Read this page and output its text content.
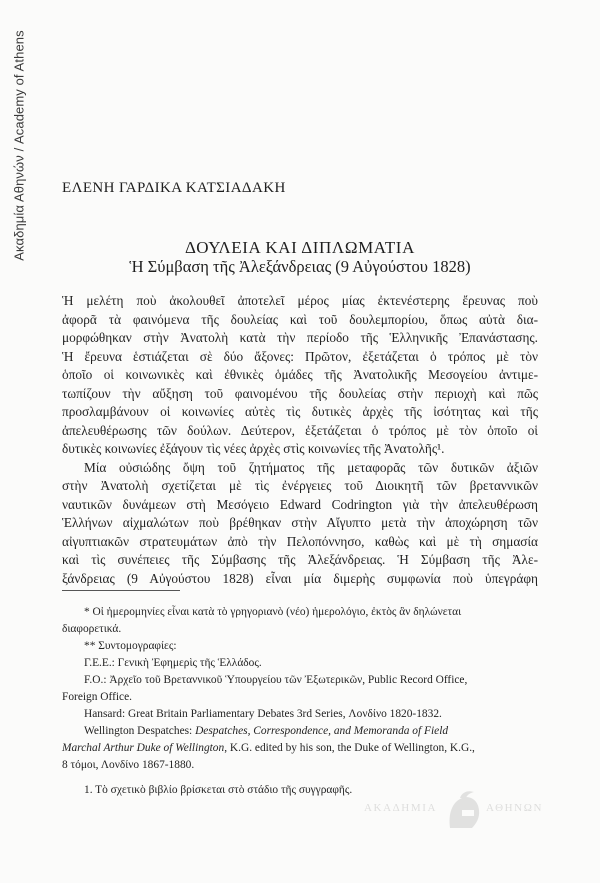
Ακαδημία Αθηνών / Academy of Athens ΕΛΕΝΗ ΓΑΡΔΙΚΑ ΚΑΤΣΙΑΔΑΚΗ
ΔΟΥΛΕΙΑ ΚΑΙ ΔΙΠΛΩΜΑΤΙΑ
Ἡ Σύμβαση τῆς Ἀλεξάνδρειας (9 Αὐγούστου 1828)
Ἡ μελέτη ποὺ ἀκολουθεῖ ἀποτελεῖ μέρος μίας ἐκτενέστερης ἔρευνας ποὺ
ἀφορᾶ τὰ φαινόμενα τῆς δουλείας καὶ τοῦ δουλεμπορίου, ὅπως αὐτὰ δια-
μορφώθηκαν στὴν Ἀνατολὴ κατὰ τὴν περίοδο τῆς Ἑλληνικῆς Ἐπανάστασης.
Ἡ ἔρευνα ἑστιάζεται σὲ δύο ἄξονες: Πρῶτον, ἐξετάζεται ὁ τρόπος μὲ τὸν
ὁποῖο οἱ κοινωνικὲς καὶ ἐθνικὲς ὁμάδες τῆς Ἀνατολικῆς Μεσογείου ἀντιμε-
τωπίζουν τὴν αὔξηση τοῦ φαινομένου τῆς δουλείας στὴν περιοχὴ καὶ πῶς
προσλαμβάνουν οἱ κοινωνίες αὐτὲς τὶς δυτικὲς ἀρχὲς τῆς ἰσότητας καὶ τῆς
ἀπελευθέρωσης τῶν δούλων. Δεύτερον, ἐξετάζεται ὁ τρόπος μὲ τὸν ὁποῖο οἱ
δυτικὲς κοινωνίες ἐξάγουν τὶς νέες ἀρχὲς στὶς κοινωνίες τῆς Ἀνατολῆς¹.
Μία οὐσιώδης ὄψη τοῦ ζητήματος τῆς μεταφορᾶς τῶν δυτικῶν ἀξιῶν
στὴν Ἀνατολὴ σχετίζεται μὲ τὶς ἐνέργειες τοῦ Διοικητῆ τῶν βρεταννικῶν
ναυτικῶν δυνάμεων στὴ Μεσόγειο Edward Codrington γιὰ τὴν ἀπελευθέρωση
Ἑλλήνων αἰχμαλώτων ποὺ βρέθηκαν στὴν Αἴγυπτο μετὰ τὴν ἀποχώρηση τῶν
αἰγυπτιακῶν στρατευμάτων ἀπὸ τὴν Πελοπόννησο, καθὼς καὶ μὲ τὴ σημασία
καὶ τὶς συνέπειες τῆς Σύμβασης τῆς Ἀλεξάνδρειας. Ἡ Σύμβαση τῆς Ἀλε-
ξάνδρειας (9 Αὐγούστου 1828) εἶναι μία διμερὴς συμφωνία ποὺ ὑπεγράφη
* Οἱ ἡμερομηνίες εἶναι κατὰ τὸ γρηγοριανὸ (νέο) ἡμερολόγιο, ἐκτὸς ἂν δηλώνεται
διαφορετικά.
** Συντομογραφίες:
Γ.Ε.Ε.: Γενικὴ Ἐφημερὶς τῆς Ἑλλάδος.
F.O.: Ἀρχεῖο τοῦ Βρεταννικοῦ Ὑπουργείου τῶν Ἐξωτερικῶν, Public Record Office,
Foreign Office.
Hansard: Great Britain Parliamentary Debates 3rd Series, Λονδίνο 1820-1832.
Wellington Despatches: Despatches, Correspondence, and Memoranda of Field
Marchal Arthur Duke of Wellington, K.G. edited by his son, the Duke of Wellington, K.G.,
8 τόμοι, Λονδίνο 1867-1880.
1. Τὸ σχετικὸ βιβλίο βρίσκεται στὸ στάδιο τῆς συγγραφῆς.
ΑΚΑΔΗΜΙΑ	ΑΘΗΝΩΝ
